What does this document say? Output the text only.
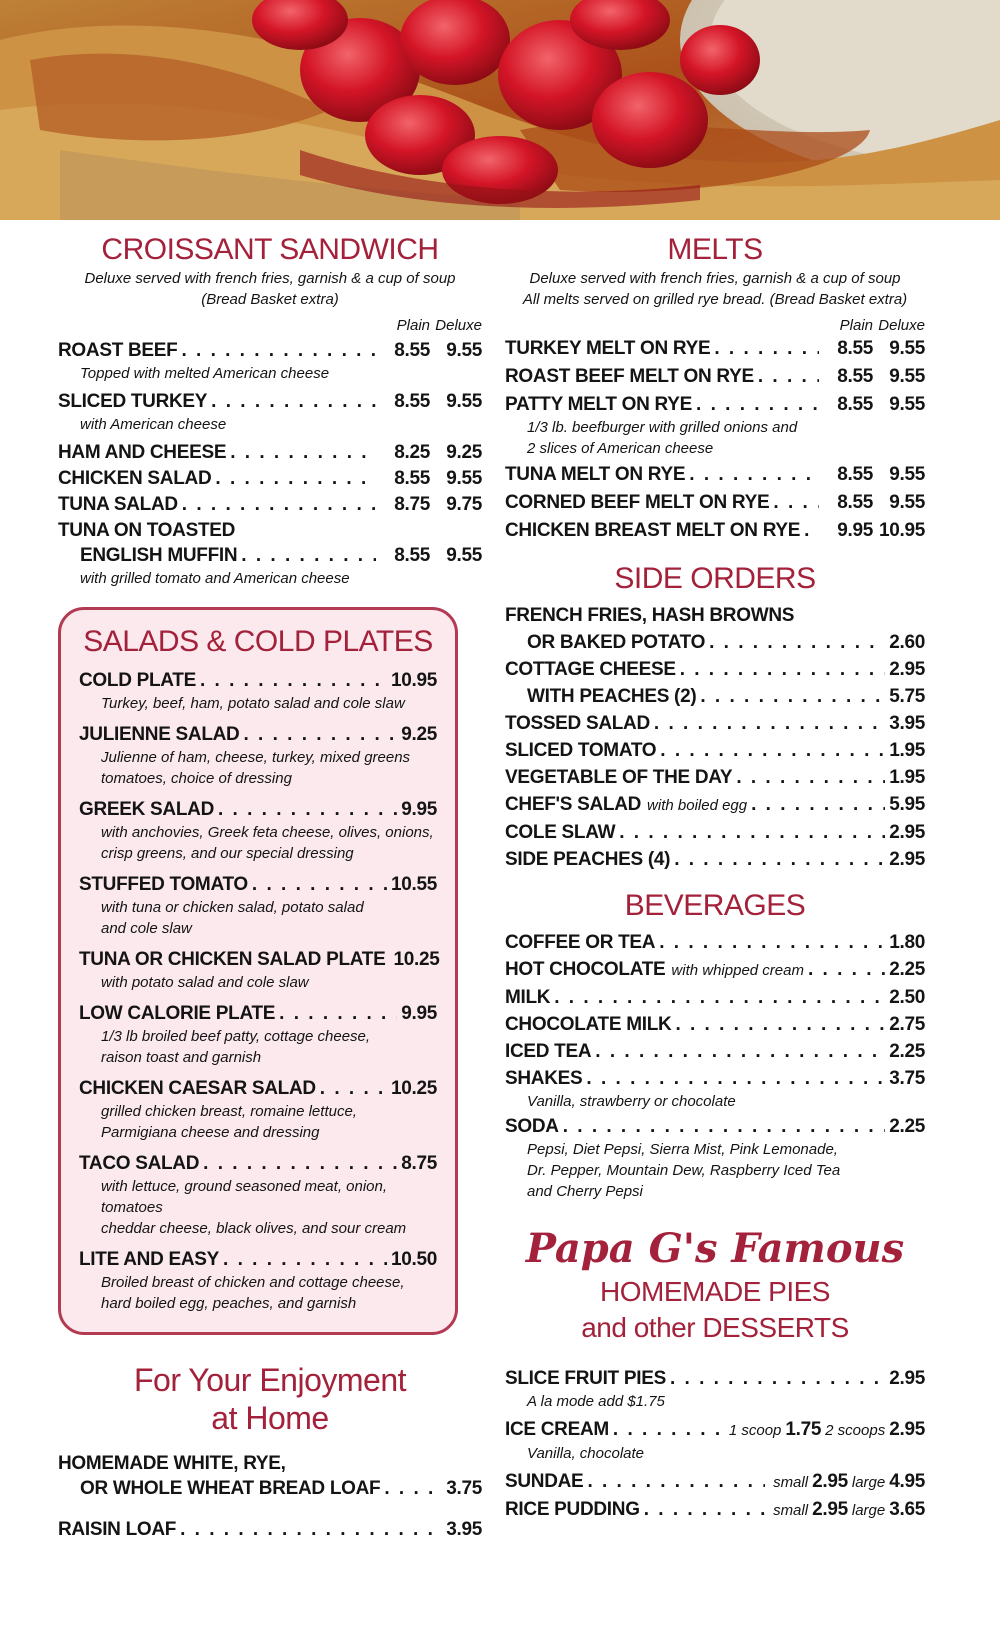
CROISSANT SANDWICH
Deluxe served with french fries, garnish & a cup of soup
(Bread Basket extra)
Plain Deluxe
ROAST BEEF . . .	8.55 9.55
Topped with melted American cheese
SLICED TURKEY . . .	8.55 9.55
with American cheese
HAM AND CHEESE . . .	8.25 9.25
CHICKEN SALAD . . .	8.55 9.55
TUNA SALAD . . .	8.75 9.75
TUNA ON TOASTED
ENGLISH MUFFIN . . .	8.55 9.55
with grilled tomato and American cheese
SALADS & COLD PLATES
COLD PLATE . . .	10.95
Turkey, beef, ham, potato salad and cole slaw
JULIENNE SALAD . . .	9.25
Julienne of ham, cheese, turkey, mixed greens
tomatoes, choice of dressing
GREEK SALAD . . .	9.95
with anchovies, Greek feta cheese, olives, onions,
crisp greens, and our special dressing
STUFFED TOMATO . . .	10.55
with tuna or chicken salad, potato salad
and cole slaw
TUNA OR CHICKEN SALAD PLATE 10.25
with potato salad and cole slaw
LOW CALORIE PLATE . . .	9.95
1/3 lb broiled beef patty, cottage cheese,
raison toast and garnish
CHICKEN CAESAR SALAD . . .	10.25
grilled chicken breast, romaine lettuce,
Parmigiana cheese and dressing
TACO SALAD . . .	8.75
with lettuce, ground seasoned meat, onion, tomatoes
cheddar cheese, black olives, and sour cream
LITE AND EASY . . .	10.50
Broiled breast of chicken and cottage cheese,
hard boiled egg, peaches, and garnish
For Your Enjoyment
at Home
HOMEMADE WHITE, RYE,
OR WHOLE WHEAT BREAD LOAF . . .	3.75
RAISIN LOAF . . .	3.95
MELTS
Deluxe served with french fries, garnish & a cup of soup
All melts served on grilled rye bread. (Bread Basket extra)
Plain Deluxe
TURKEY MELT ON RYE . . .	8.55 9.55
ROAST BEEF MELT ON RYE . . .	8.55 9.55
PATTY MELT ON RYE . . .	8.55 9.55
1/3 lb. beefburger with grilled onions and
2 slices of American cheese
TUNA MELT ON RYE . . .	8.55 9.55
CORNED BEEF MELT ON RYE . . .	8.55 9.55
CHICKEN BREAST MELT ON RYE . . .	9.95 10.95
SIDE ORDERS
FRENCH FRIES, HASH BROWNS
OR BAKED POTATO . . .	2.60
COTTAGE CHEESE . . .	2.95
WITH PEACHES (2) . . .	5.75
TOSSED SALAD . . .	3.95
SLICED TOMATO . . .	1.95
VEGETABLE OF THE DAY . . .	1.95
CHEF'S SALAD with boiled egg . . .	5.95
COLE SLAW . . .	2.95
SIDE PEACHES (4) . . .	2.95
BEVERAGES
COFFEE OR TEA . . .	1.80
HOT CHOCOLATE with whipped cream . . .	2.25
MILK . . .	2.50
CHOCOLATE MILK . . .	2.75
ICED TEA . . .	2.25
SHAKES . . .	3.75
Vanilla, strawberry or chocolate
SODA . . .	2.25
Pepsi, Diet Pepsi, Sierra Mist, Pink Lemonade,
Dr. Pepper, Mountain Dew, Raspberry Iced Tea
and Cherry Pepsi
Papa G's Famous
HOMEMADE PIES
and other DESSERTS
SLICE FRUIT PIES . . .	2.95
A la mode add $1.75
ICE CREAM . . .	1 scoop 1.75 2 scoops 2.95
Vanilla, chocolate
SUNDAE . . .	small 2.95 large 4.95
RICE PUDDING . . .	small 2.95 large 3.65
